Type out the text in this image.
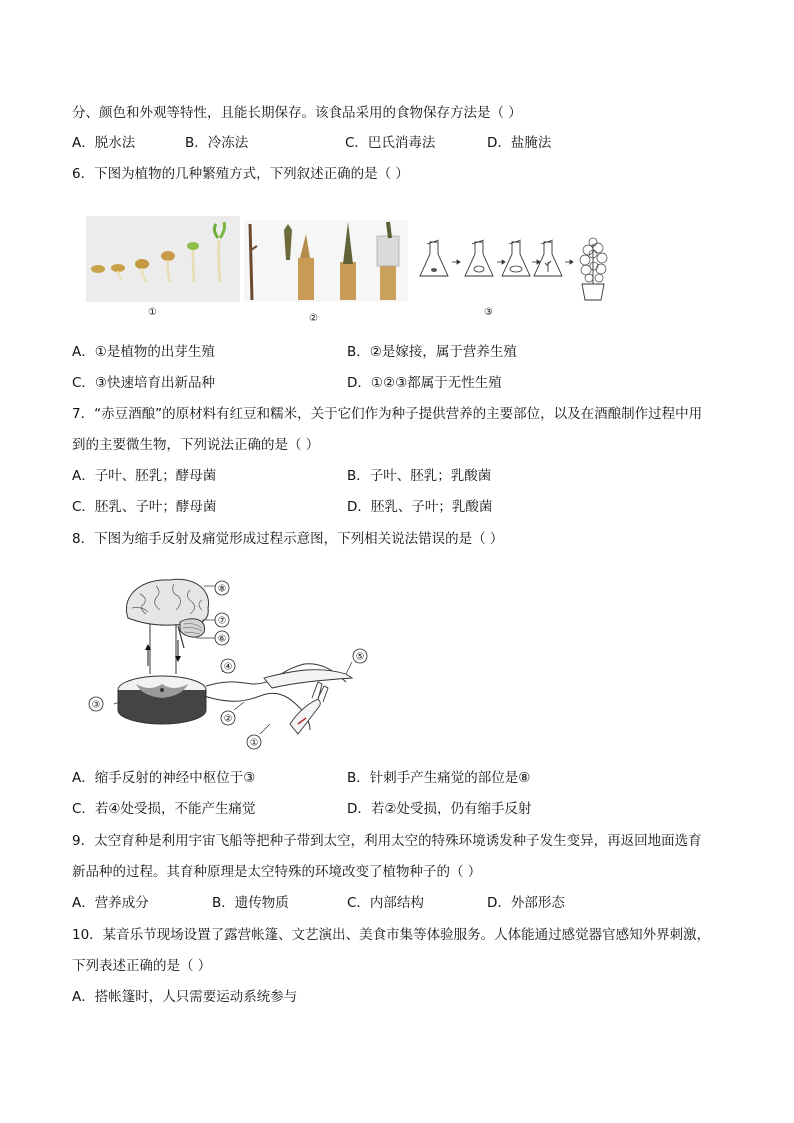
分、颜色和外观等特性，且能长期保存。该食品采用的食物保存方法是（ ）
A．脱水法	B．冷冻法	C．巴氏消毒法	D．盐腌法
6．下图为植物的几种繁殖方式，下列叙述正确的是（ ）
①
②
③
A．①是植物的出芽生殖	B．②是嫁接，属于营养生殖
C．③快速培育出新品种	D．①②③都属于无性生殖
7．“赤豆酒酿”的原材料有红豆和糯米，关于它们作为种子提供营养的主要部位，以及在酒酿制作过程中用
到的主要微生物，下列说法正确的是（ ）
A．子叶、胚乳；酵母菌	B．子叶、胚乳；乳酸菌
C．胚乳、子叶；酵母菌	D．胚乳、子叶；乳酸菌
8．下图为缩手反射及痛觉形成过程示意图，下列相关说法错误的是（ ）
⑧
⑦
⑥
④
⑤
③
②
①
A．缩手反射的神经中枢位于③	B．针刺手产生痛觉的部位是⑧
C．若④处受损，不能产生痛觉	D．若②处受损，仍有缩手反射
9．太空育种是利用宇宙飞船等把种子带到太空，利用太空的特殊环境诱发种子发生变异，再返回地面选育
新品种的过程。其育种原理是太空特殊的环境改变了植物种子的（ ）
A．营养成分	B．遗传物质	C．内部结构	D．外部形态
10．某音乐节现场设置了露营帐篷、文艺演出、美食市集等体验服务。人体能通过感觉器官感知外界刺激，
下列表述正确的是（ ）
A．搭帐篷时，人只需要运动系统参与
